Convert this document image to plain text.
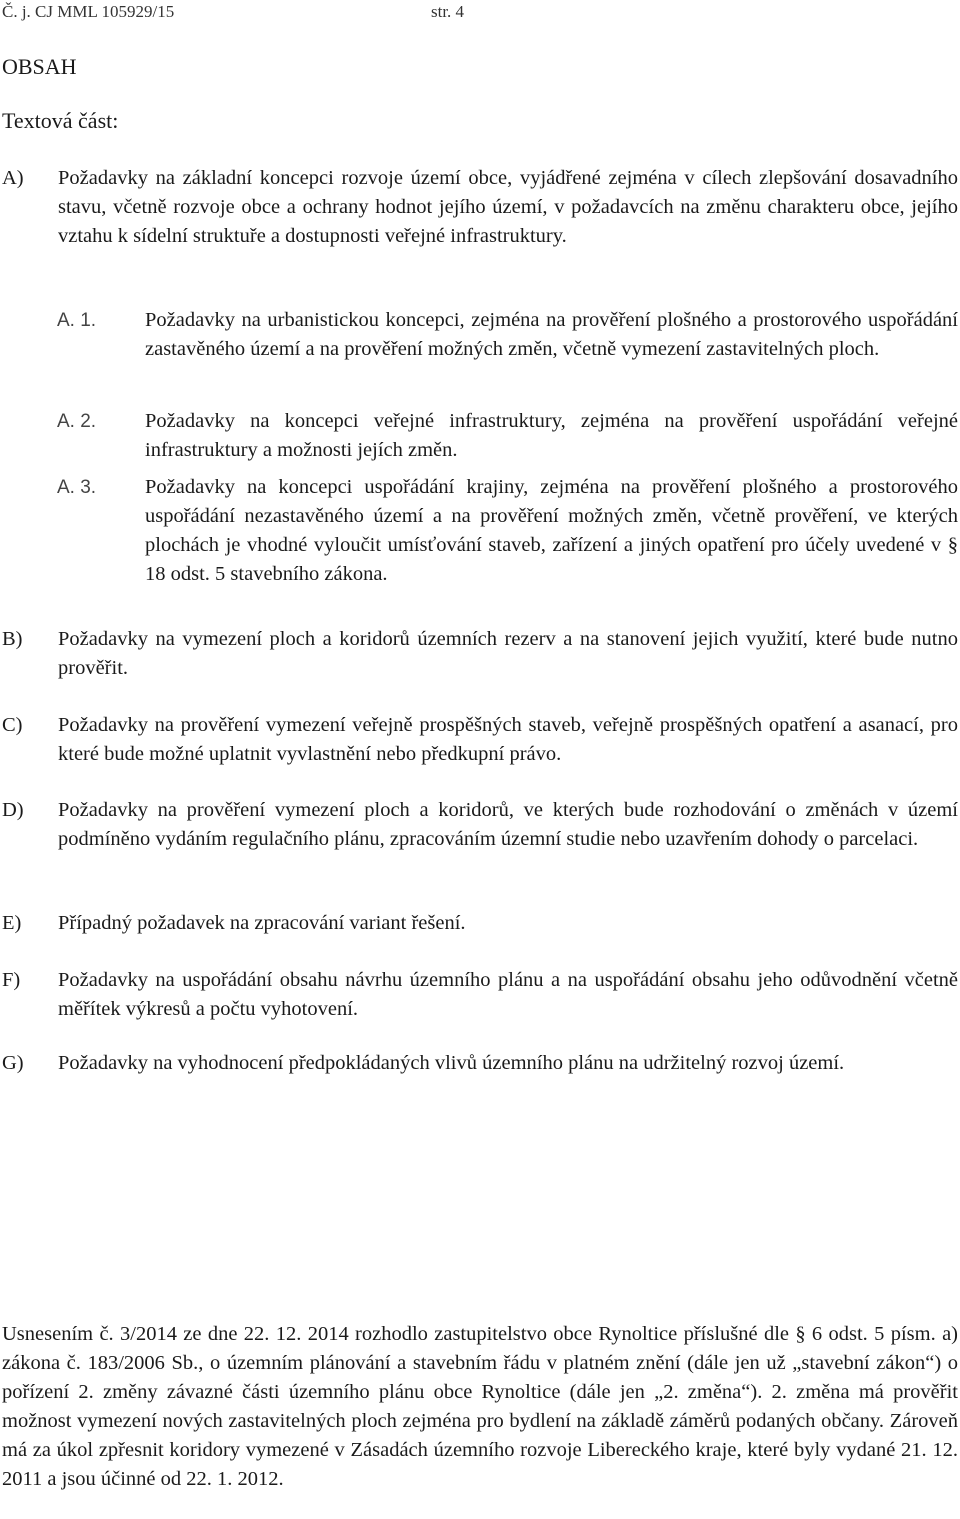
Č. j. CJ MML 105929/15	str. 4
OBSAH
Textová část:
A) Požadavky na základní koncepci rozvoje území obce, vyjádřené zejména v cílech zlepšování dosavadního stavu, včetně rozvoje obce a ochrany hodnot jejího území, v požadavcích na změnu charakteru obce, jejího vztahu k sídelní struktuře a dostupnosti veřejné infrastruktury.

A. 1. Požadavky na urbanistickou koncepci, zejména na prověření plošného a prostorového uspořádání zastavěného území a na prověření možných změn, včetně vymezení zastavitelných ploch.

A. 2. Požadavky na koncepci veřejné infrastruktury, zejména na prověření uspořádání veřejné infrastruktury a možnosti jejích změn.

A. 3. Požadavky na koncepci uspořádání krajiny, zejména na prověření plošného a prostorového uspořádání nezastavěného území a na prověření možných změn, včetně prověření, ve kterých plochách je vhodné vyloučit umísťování staveb, zařízení a jiných opatření pro účely uvedené v § 18 odst. 5 stavebního zákona.

B) Požadavky na vymezení ploch a koridorů územních rezerv a na stanovení jejich využití, které bude nutno prověřit.

C) Požadavky na prověření vymezení veřejně prospěšných staveb, veřejně prospěšných opatření a asanací, pro které bude možné uplatnit vyvlastnění nebo předkupní právo.

D) Požadavky na prověření vymezení ploch a koridorů, ve kterých bude rozhodování o změnách v území podmíněno vydáním regulačního plánu, zpracováním územní studie nebo uzavřením dohody o parcelaci.

E) Případný požadavek na zpracování variant řešení.

F) Požadavky na uspořádání obsahu návrhu územního plánu a na uspořádání obsahu jeho odůvodnění včetně měřítek výkresů a počtu vyhotovení.

G) Požadavky na vyhodnocení předpokládaných vlivů územního plánu na udržitelný rozvoj území.

Usnesením č. 3/2014 ze dne 22. 12. 2014 rozhodlo zastupitelstvo obce Rynoltice příslušné dle § 6 odst. 5 písm. a) zákona č. 183/2006 Sb., o územním plánování a stavebním řádu v platném znění (dále jen už „stavební zákon“) o pořízení 2. změny závazné části územního plánu obce Rynoltice (dále jen „2. změna“). 2. změna má prověřit možnost vymezení nových zastavitelných ploch zejména pro bydlení na základě záměrů podaných občany. Zároveň má za úkol zpřesnit koridory vymezené v Zásadách územního rozvoje Libereckého kraje, které byly vydané 21. 12. 2011 a jsou účinné od 22. 1. 2012.
